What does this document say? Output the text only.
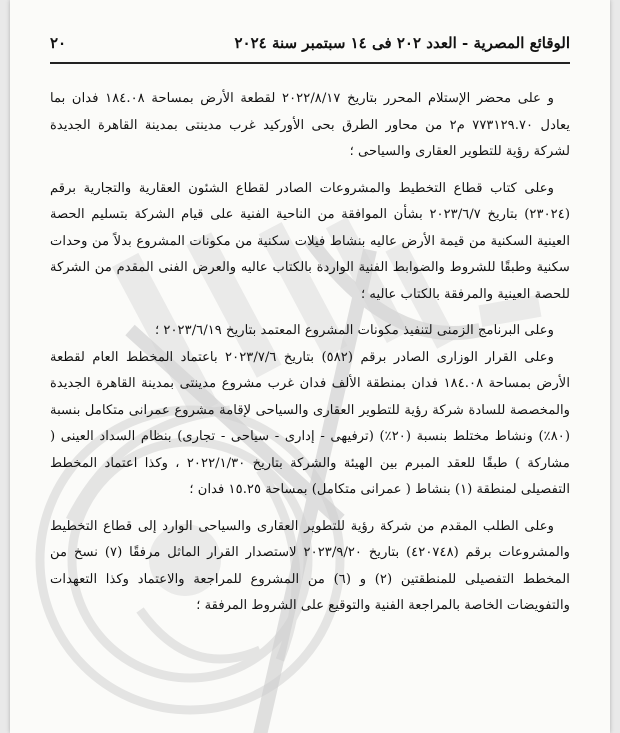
الوقائع المصرية - العدد ٢٠٢ فى ١٤ سبتمبر سنة ٢٠٢٤
٢٠

و على محضر الإستلام المحرر بتاريخ ٢٠٢٢/٨/١٧ لقطعة الأرض بمساحة ١٨٤.٠٨ فدان بما يعادل ٧٧٣١٢٩.٧٠ م٢ من محاور الطرق بحى الأوركيد غرب مدينتى بمدينة القاهرة الجديدة لشركة رؤية للتطوير العقارى والسياحى ؛

وعلى كتاب قطاع التخطيط والمشروعات الصادر لقطاع الشئون العقارية والتجارية برقم (٢٣٠٢٤) بتاريخ ٢٠٢٣/٦/٧ بشأن الموافقة من الناحية الفنية على قيام الشركة بتسليم الحصة العينية السكنية من قيمة الأرض عاليه بنشاط فيلات سكنية من مكونات المشروع بدلاً من وحدات سكنية وطبقًا للشروط والضوابط الفنية الواردة بالكتاب عاليه والعرض الفنى المقدم من الشركة للحصة العينية والمرفقة بالكتاب عاليه ؛

وعلى البرنامج الزمنى لتنفيذ مكونات المشروع المعتمد بتاريخ ٢٠٢٣/٦/١٩ ؛

وعلى القرار الوزارى الصادر برقم (٥٨٢) بتاريخ ٢٠٢٣/٧/٦ باعتماد المخطط العام لقطعة الأرض بمساحة ١٨٤.٠٨ فدان بمنطقة الألف فدان غرب مشروع مدينتى بمدينة القاهرة الجديدة والمخصصة للسادة شركة رؤية للتطوير العقارى والسياحى لإقامة مشروع عمرانى متكامل بنسبة (٨٠٪) ونشاط مختلط بنسبة (٢٠٪) (ترفيهى - إدارى - سياحى - تجارى) بنظام السداد العينى ( مشاركة ) طبقًا للعقد المبرم بين الهيئة والشركة بتاريخ ٢٠٢٢/١/٣٠ ، وكذا اعتماد المخطط التفصيلى لمنطقة (١) بنشاط ( عمرانى متكامل) بمساحة ١٥.٢٥ فدان ؛

وعلى الطلب المقدم من شركة رؤية للتطوير العقارى والسياحى الوارد إلى قطاع التخطيط والمشروعات برقم (٤٢٠٧٤٨) بتاريخ ٢٠٢٣/٩/٢٠ لاستصدار القرار الماثل مرفقًا (٧) نسخ من المخطط التفصيلى للمنطقتين (٢) و (٦) من المشروع للمراجعة والاعتماد وكذا التعهدات والتفويضات الخاصة بالمراجعة الفنية والتوقيع على الشروط المرفقة ؛
